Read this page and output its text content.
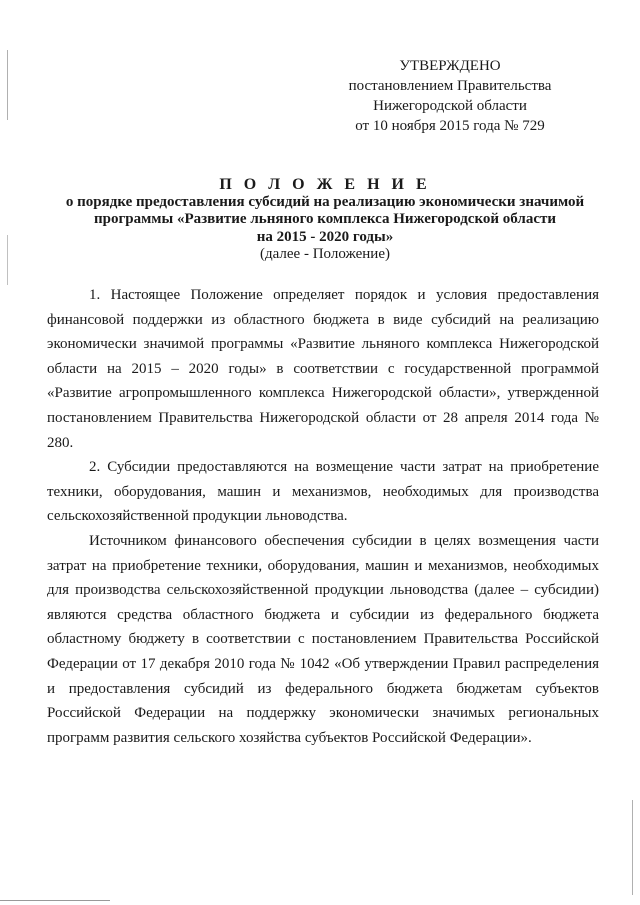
УТВЕРЖДЕНО
постановлением Правительства
Нижегородской области
от 10 ноября 2015 года № 729
П О Л О Ж Е Н И Е
о порядке предоставления субсидий на реализацию экономически значимой
программы «Развитие льняного комплекса Нижегородской области
на 2015 - 2020 годы»
(далее - Положение)

1. Настоящее Положение определяет порядок и условия предоставления финансовой поддержки из областного бюджета в виде субсидий на реализацию экономически значимой программы «Развитие льняного комплекса Нижегородской области на 2015 – 2020 годы» в соответствии с государственной программой «Развитие агропромышленного комплекса Нижегородской области», утвержденной постановлением Правительства Нижегородской области от 28 апреля 2014 года № 280.

2. Субсидии предоставляются на возмещение части затрат на приобретение техники, оборудования, машин и механизмов, необходимых для производства сельскохозяйственной продукции льноводства.

Источником финансового обеспечения субсидии в целях возмещения части затрат на приобретение техники, оборудования, машин и механизмов, необходимых для производства сельскохозяйственной продукции льноводства (далее – субсидии) являются средства областного бюджета и субсидии из федерального бюджета областному бюджету в соответствии с постановлением Правительства Российской Федерации от 17 декабря 2010 года № 1042 «Об утверждении Правил распределения и предоставления субсидий из федерального бюджета бюджетам субъектов Российской Федерации на поддержку экономически значимых региональных программ развития сельского хозяйства субъектов Российской Федерации».
